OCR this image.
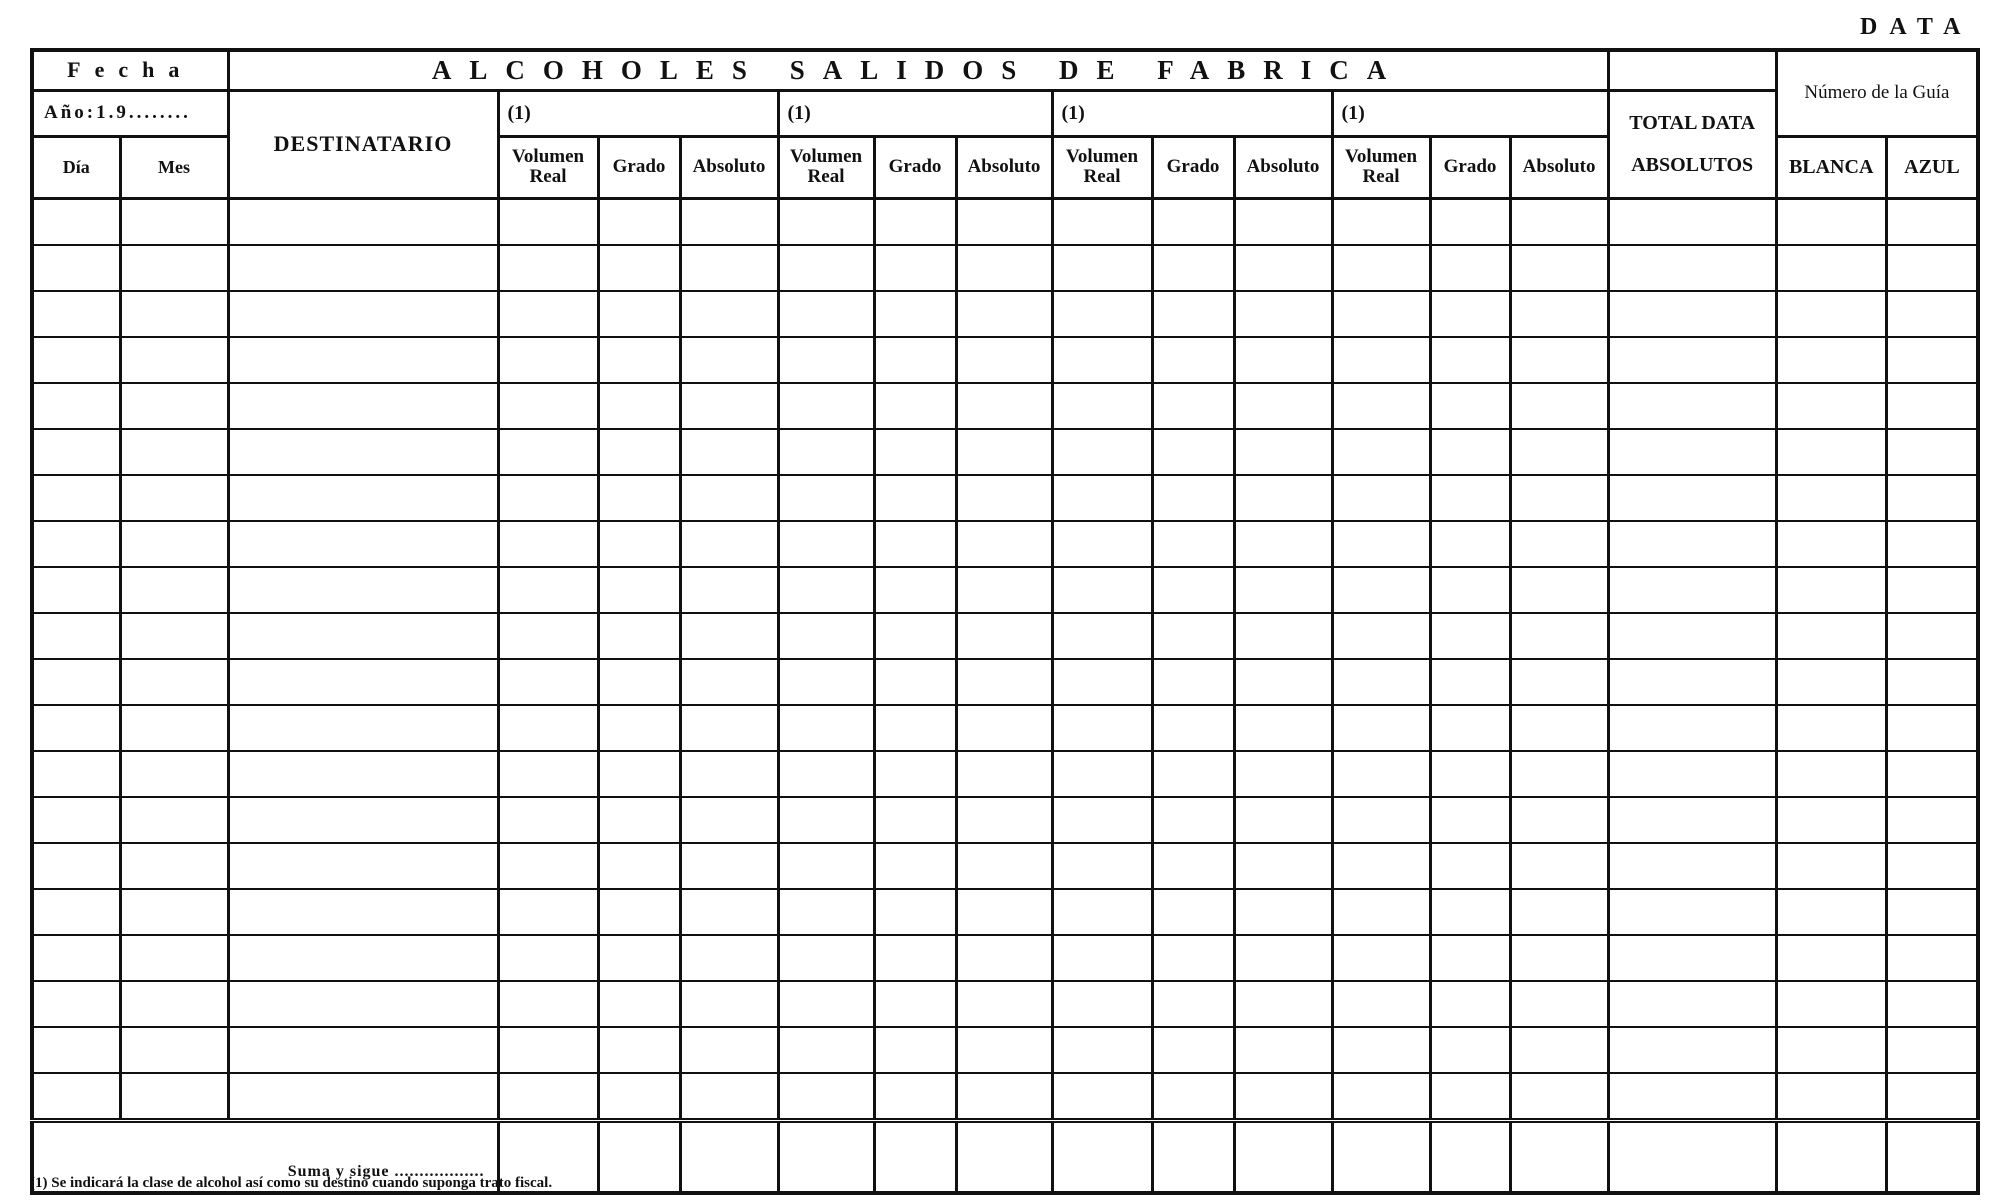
DATA
Fecha		ALCOHOLES SALIDOS DE FABRICA														Número de la Guía	
Año:1.9........		DESTINATARIO	(1)			(1)			(1)			(1)			TOTAL DATA
ABSOLUTOS		
Día	Mes		Volumen Real	Grado	Absoluto	Volumen Real	Grado	Absoluto	Volumen Real	Grado	Absoluto	Volumen Real	Grado	Absoluto		BLANCA	AZUL

Suma y sigue ..................																	
(1) Se indicará la clase de alcohol así como su destino cuando suponga trato fiscal.
